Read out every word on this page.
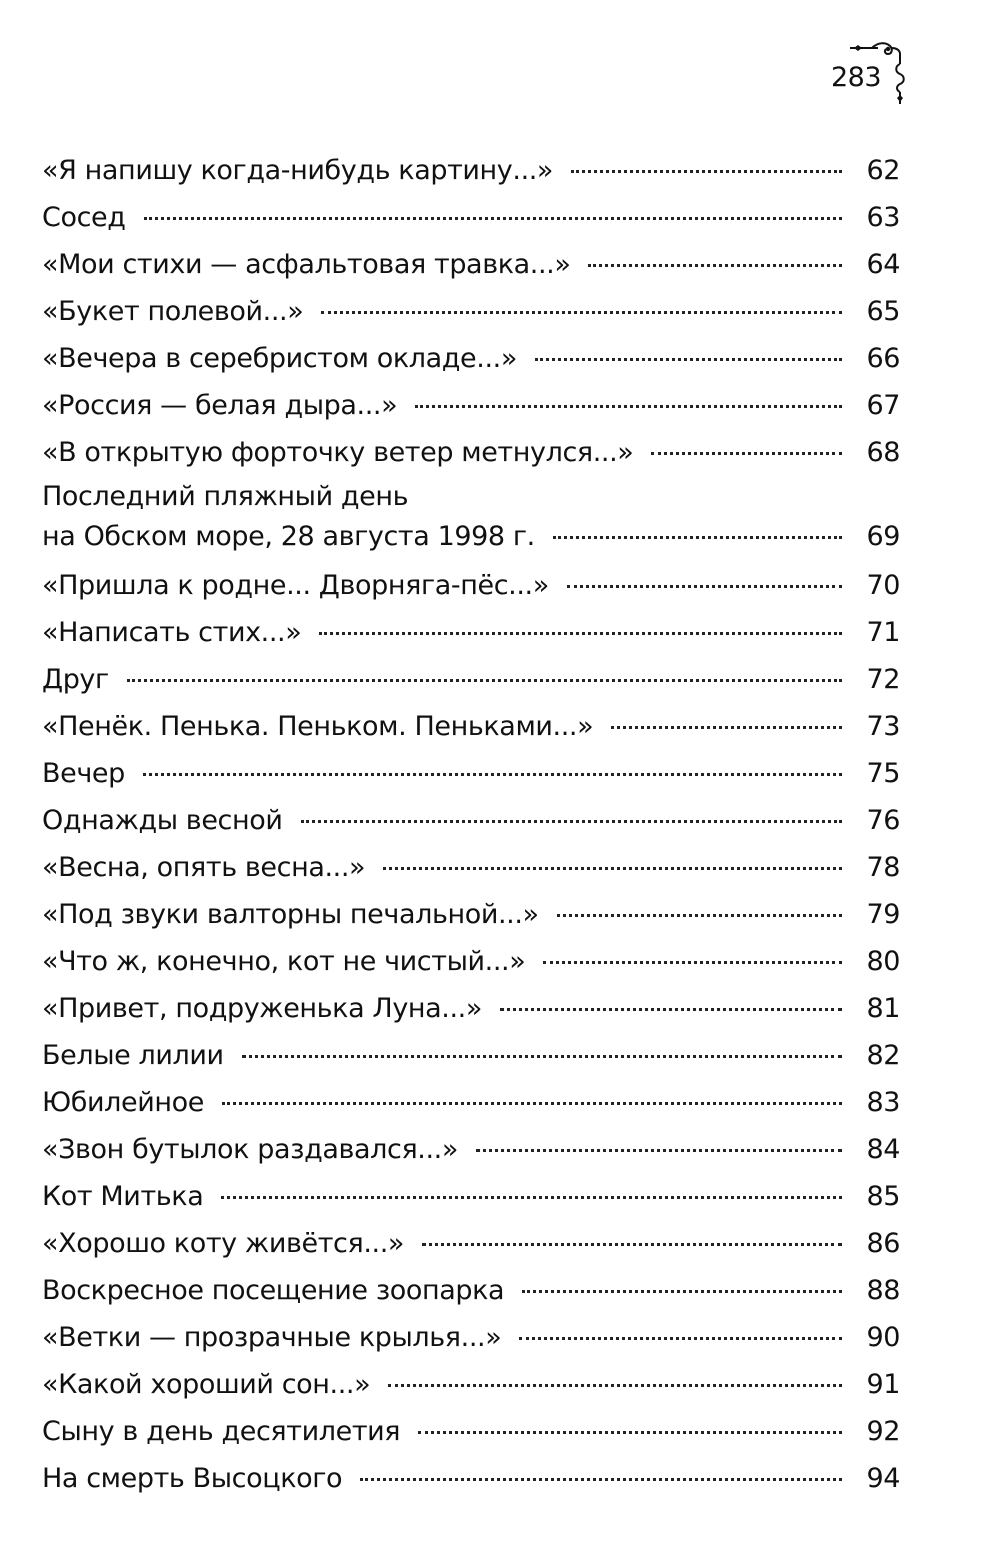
283
«Я напишу когда-нибудь картину...»	62
Сосед	63
«Мои стихи — асфальтовая травка...»	64
«Букет полевой...»	65
«Вечера в серебристом окладе...»	66
«Россия — белая дыра...»	67
«В открытую форточку ветер метнулся...»	68
Последний пляжный день
на Обском море, 28 августа 1998 г.	69
«Пришла к родне... Дворняга-пёс...»	70
«Написать стих...»	71
Друг	72
«Пенёк. Пенька. Пеньком. Пеньками...»	73
Вечер	75
Однажды весной	76
«Весна, опять весна...»	78
«Под звуки валторны печальной...»	79
«Что ж, конечно, кот не чистый...»	80
«Привет, подруженька Луна...»	81
Белые лилии	82
Юбилейное	83
«Звон бутылок раздавался...»	84
Кот Митька	85
«Хорошо коту живётся...»	86
Воскресное посещение зоопарка	88
«Ветки — прозрачные крылья...»	90
«Какой хороший сон...»	91
Сыну в день десятилетия	92
На смерть Высоцкого	94
